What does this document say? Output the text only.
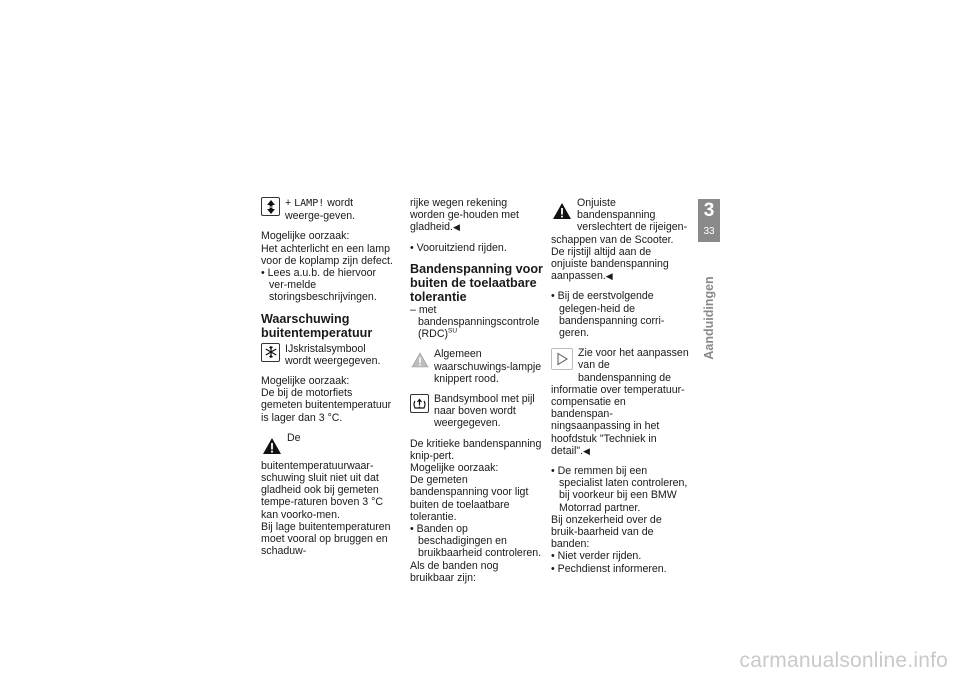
+ LAMP! wordt weerge-geven.

Mogelijke oorzaak:

Het achterlicht en een lamp voor de koplamp zijn defect.

• Lees a.u.b. de hiervoor ver-melde storingsbeschrijvingen.

Waarschuwing buitentemperatuur

IJskristalsymbool wordt weergegeven.

Mogelijke oorzaak:

De bij de motorfiets gemeten buitentemperatuur is lager dan 3 °C.

De buitentemperatuurwaar-schuwing sluit niet uit dat gladheid ook bij gemeten tempe-raturen boven 3 °C kan voorko-men.

Bij lage buitentemperaturen moet vooral op bruggen en schaduw-

rijke wegen rekening worden ge-houden met gladheid.◀

• Vooruitziend rijden.

Bandenspanning voor buiten de toelaatbare tolerantie

– met bandenspanningscontrole (RDC)$^{SU}$

Algemeen waarschuwings-lampje knippert rood.

Bandsymbool met pijl naar boven wordt weergegeven.

De kritieke bandenspanning knip-pert.

Mogelijke oorzaak:

De gemeten bandenspanning voor ligt buiten de toelaatbare tolerantie.

• Banden op beschadigingen en bruikbaarheid controleren.

Als de banden nog bruikbaar zijn:

Onjuiste bandenspanning verslechtert de rijeigen-schappen van de Scooter.

De rijstijl altijd aan de onjuiste bandenspanning aanpassen.◀

• Bij de eerstvolgende gelegen-heid de bandenspanning corri-geren.

Zie voor het aanpassen van de bandenspanning de informatie over temperatuur-compensatie en bandenspan-ningsaanpassing in het hoofdstuk "Techniek in detail".◀

• De remmen bij een specialist laten controleren, bij voorkeur bij een BMW Motorrad partner.

Bij onzekerheid over de bruik-baarheid van de banden:

• Niet verder rijden.

• Pechdienst informeren.

3
33
Aanduidingen
carmanualsonline.info
